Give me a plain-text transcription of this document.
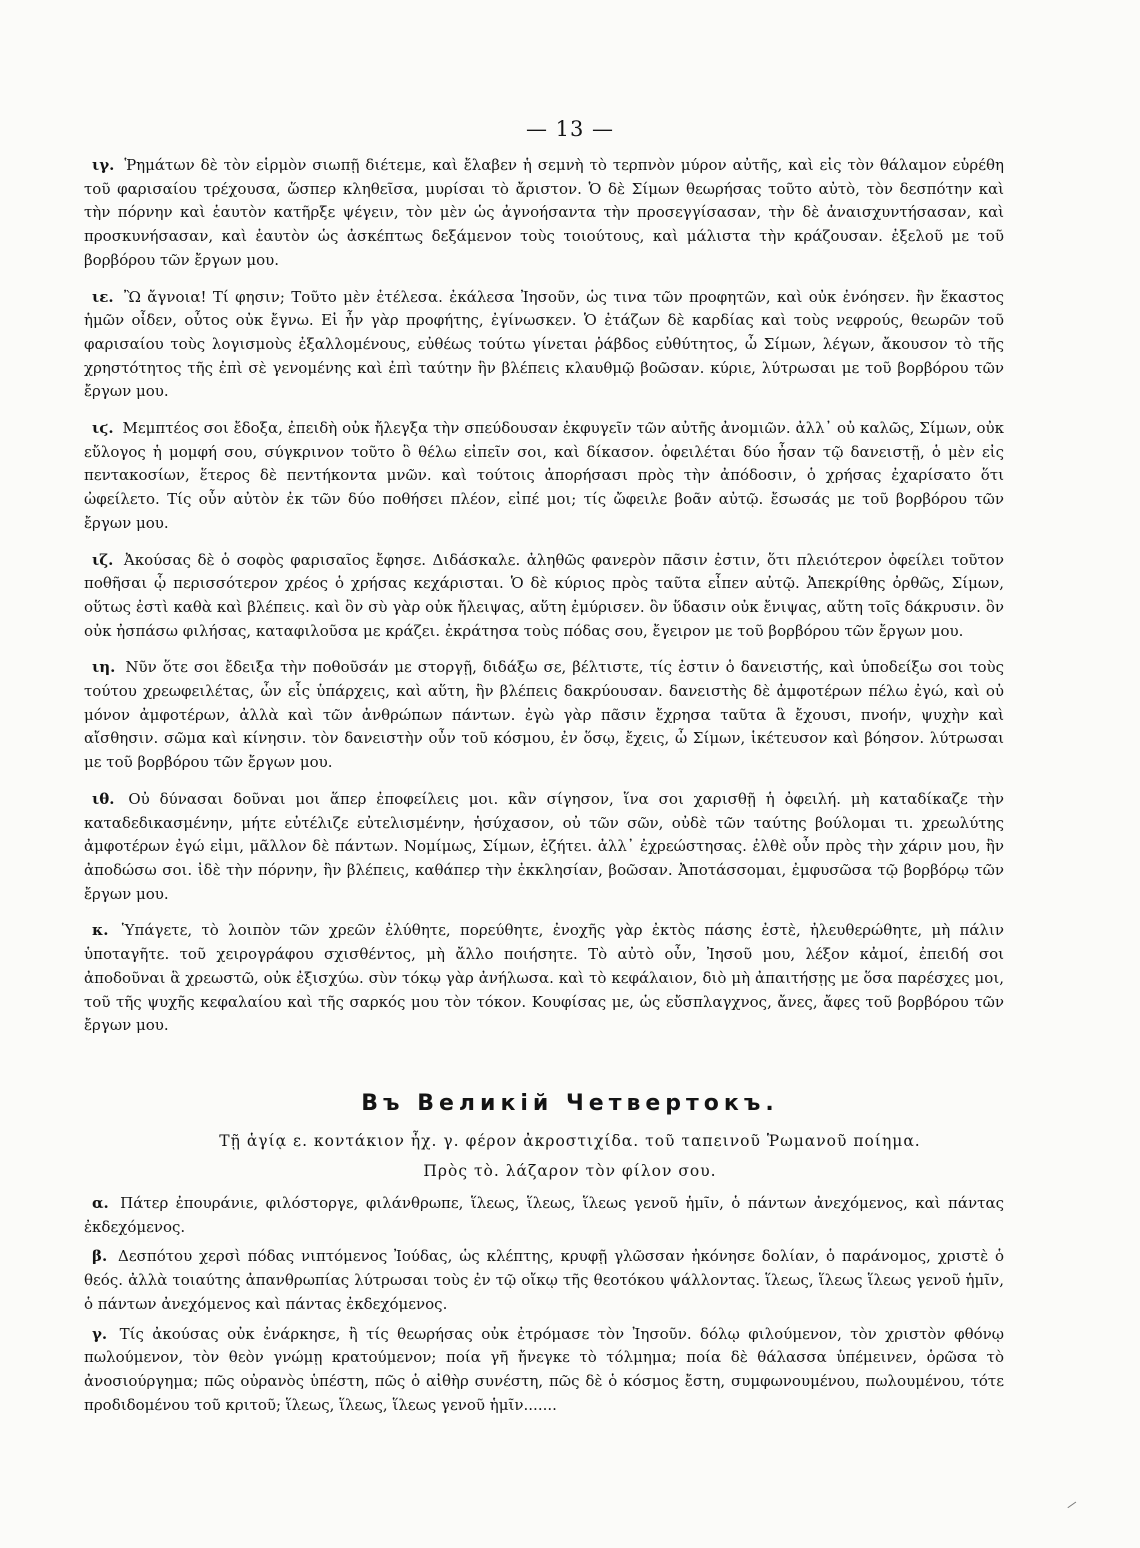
— 13 —

ιγ. Ῥημάτων δὲ τὸν εἱρμὸν σιωπῇ διέτεμε, καὶ ἔλαβεν ἡ σεμνὴ τὸ τερπνὸν μύρον αὐτῆς, καὶ εἰς τὸν θάλαμον εὑρέθη τοῦ φαρισαίου τρέχουσα, ὥσπερ κληθεῖσα, μυρίσαι τὸ ἄριστον. Ὁ δὲ Σίμων θεωρήσας τοῦτο αὐτὸ, τὸν δεσπότην καὶ τὴν πόρνην καὶ ἑαυτὸν κατῆρξε ψέγειν, τὸν μὲν ὡς ἀγνοήσαντα τὴν προσεγγίσασαν, τὴν δὲ ἀναισχυντήσασαν, καὶ προσκυνήσασαν, καὶ ἑαυτὸν ὡς ἀσκέπτως δεξάμενον τοὺς τοιούτους, καὶ μάλιστα τὴν κράζουσαν. ἐξελοῦ με τοῦ βορβόρου τῶν ἔργων μου.

ιε. Ὢ ἄγνοια! Τί φησιν; Τοῦτο μὲν ἐτέλεσα. ἐκάλεσα Ἰησοῦν, ὡς τινα τῶν προφητῶν, καὶ οὐκ ἐνόησεν. ἣν ἕκαστος ἡμῶν οἶδεν, οὗτος οὐκ ἔγνω. Εἰ ἦν γὰρ προφήτης, ἐγίνωσκεν. Ὁ ἐτάζων δὲ καρδίας καὶ τοὺς νεφρούς, θεωρῶν τοῦ φαρισαίου τοὺς λογισμοὺς ἐξαλλομένους, εὐθέως τούτω γίνεται ῥάβδος εὐθύτητος, ὦ Σίμων, λέγων, ἄκουσον τὸ τῆς χρηστότητος τῆς ἐπὶ σὲ γενομένης καὶ ἐπὶ ταύτην ἣν βλέπεις κλαυθμῷ βοῶσαν. κύριε, λύτρωσαι με τοῦ βορβόρου τῶν ἔργων μου.

ιϛ. Μεμπτέος σοι ἔδοξα, ἐπειδὴ οὐκ ἤλεγξα τὴν σπεύδουσαν ἐκφυγεῖν τῶν αὐτῆς ἀνομιῶν. ἀλλ᾽ οὐ καλῶς, Σίμων, οὐκ εὔλογος ἡ μομφή σου, σύγκρινον τοῦτο ὃ θέλω εἰπεῖν σοι, καὶ δίκασον. ὀφειλέται δύο ἦσαν τῷ δανειστῇ, ὁ μὲν εἰς πεντακοσίων, ἕτερος δὲ πεντήκοντα μνῶν. καὶ τούτοις ἀπορήσασι πρὸς τὴν ἀπόδοσιν, ὁ χρήσας ἐχαρίσατο ὅτι ὠφείλετο. Τίς οὖν αὐτὸν ἐκ τῶν δύο ποθήσει πλέον, εἰπέ μοι; τίς ὤφειλε βοᾶν αὐτῷ. ἔσωσάς με τοῦ βορβόρου τῶν ἔργων μου.

ιζ. Ἀκούσας δὲ ὁ σοφὸς φαρισαῖος ἔφησε. Διδάσκαλε. ἀληθῶς φανερὸν πᾶσιν ἐστιν, ὅτι πλειότερον ὀφείλει τοῦτον ποθῆσαι ᾧ περισσότερον χρέος ὁ χρήσας κεχάρισται. Ὁ δὲ κύριος πρὸς ταῦτα εἶπεν αὐτῷ. Ἀπεκρίθης ὀρθῶς, Σίμων, οὕτως ἐστὶ καθὰ καὶ βλέπεις. καὶ ὃν σὺ γὰρ οὐκ ἤλειψας, αὕτη ἐμύρισεν. ὃν ὕδασιν οὐκ ἔνιψας, αὕτη τοῖς δάκρυσιν. ὃν οὐκ ἠσπάσω φιλήσας, καταφιλοῦσα με κράζει. ἐκράτησα τοὺς πόδας σου, ἔγειρον με τοῦ βορβόρου τῶν ἔργων μου.

ιη. Νῦν ὅτε σοι ἔδειξα τὴν ποθοῦσάν με στοργῇ, διδάξω σε, βέλτιστε, τίς ἐστιν ὁ δανειστής, καὶ ὑποδείξω σοι τοὺς τούτου χρεωφειλέτας, ὧν εἷς ὑπάρχεις, καὶ αὕτη, ἣν βλέπεις δακρύουσαν. δανειστὴς δὲ ἀμφοτέρων πέλω ἐγώ, καὶ οὐ μόνον ἀμφοτέρων, ἀλλὰ καὶ τῶν ἀνθρώπων πάντων. ἐγὼ γὰρ πᾶσιν ἔχρησα ταῦτα ἃ ἔχουσι, πνοήν, ψυχὴν καὶ αἴσθησιν. σῶμα καὶ κίνησιν. τὸν δανειστὴν οὖν τοῦ κόσμου, ἐν ὅσῳ, ἔχεις, ὦ Σίμων, ἱκέτευσον καὶ βόησον. λύτρωσαι με τοῦ βορβόρου τῶν ἔργων μου.

ιθ. Οὐ δύνασαι δοῦναι μοι ἅπερ ἐποφείλεις μοι. κἂν σίγησον, ἵνα σοι χαρισθῇ ἡ ὀφειλή. μὴ καταδίκαζε τὴν καταδεδικασμένην, μήτε εὐτέλιζε εὐτελισμένην, ἡσύχασον, οὐ τῶν σῶν, οὐδὲ τῶν ταύτης βούλομαι τι. χρεωλύτης ἀμφοτέρων ἐγώ εἰμι, μᾶλλον δὲ πάντων. Νομίμως, Σίμων, ἐζήτει. ἀλλ᾽ ἐχρεώστησας. ἐλθὲ οὖν πρὸς τὴν χάριν μου, ἣν ἀποδώσω σοι. ἰδὲ τὴν πόρνην, ἣν βλέπεις, καθάπερ τὴν ἐκκλησίαν, βοῶσαν. Ἀποτάσσομαι, ἐμφυσῶσα τῷ βορβόρῳ τῶν ἔργων μου.

κ. Ὑπάγετε, τὸ λοιπὸν τῶν χρεῶν ἐλύθητε, πορεύθητε, ἐνοχῆς γὰρ ἐκτὸς πάσης ἐστὲ, ἠλευθερώθητε, μὴ πάλιν ὑποταγῆτε. τοῦ χειρογράφου σχισθέντος, μὴ ἄλλο ποιήσητε. Τὸ αὐτὸ οὖν, Ἰησοῦ μου, λέξον κἀμοί, ἐπειδή σοι ἀποδοῦναι ἃ χρεωστῶ, οὐκ ἐξισχύω. σὺν τόκῳ γὰρ ἀνήλωσα. καὶ τὸ κεφάλαιον, διὸ μὴ ἀπαιτήσῃς με ὅσα παρέσχες μοι, τοῦ τῆς ψυχῆς κεφαλαίου καὶ τῆς σαρκός μου τὸν τόκον. Κουφίσας με, ὡς εὔσπλαγχνος, ἄνες, ἄφες τοῦ βορβόρου τῶν ἔργων μου.

Въ Великій Четвертокъ.
Τῇ ἁγίᾳ ε. κοντάκιον ἦχ. γ. φέρον ἀκροστιχίδα. τοῦ ταπεινοῦ Ῥωμανοῦ ποίημα.
Πρὸς τὸ. λάζαρον τὸν φίλον σου.

α. Πάτερ ἐπουράνιε, φιλόστοργε, φιλάνθρωπε, ἵλεως, ἵλεως, ἵλεως γενοῦ ἡμῖν, ὁ πάντων ἀνεχόμενος, καὶ πάντας ἐκδεχόμενος.

β. Δεσπότου χερσὶ πόδας νιπτόμενος Ἰούδας, ὡς κλέπτης, κρυφῇ γλῶσσαν ἠκόνησε δολίαν, ὁ παράνομος, χριστὲ ὁ θεός. ἀλλὰ τοιαύτης ἀπανθρωπίας λύτρωσαι τοὺς ἐν τῷ οἴκῳ τῆς θεοτόκου ψάλλοντας. ἵλεως, ἵλεως ἵλεως γενοῦ ἡμῖν, ὁ πάντων ἀνεχόμενος καὶ πάντας ἐκδεχόμενος.

γ. Τίς ἀκούσας οὐκ ἐνάρκησε, ἢ τίς θεωρήσας οὐκ ἐτρόμασε τὸν Ἰησοῦν. δόλῳ φιλούμενον, τὸν χριστὸν φθόνῳ πωλούμενον, τὸν θεὸν γνώμῃ κρατούμενον; ποία γῆ ἤνεγκε τὸ τόλμημα; ποία δὲ θάλασσα ὑπέμεινεν, ὁρῶσα τὸ ἀνοσιούργημα; πῶς οὐρανὸς ὑπέστη, πῶς ὁ αἰθὴρ συνέστη, πῶς δὲ ὁ κόσμος ἔστη, συμφωνουμένου, πωλουμένου, τότε προδιδομένου τοῦ κριτοῦ; ἵλεως, ἵλεως, ἵλεως γενοῦ ἡμῖν.......
